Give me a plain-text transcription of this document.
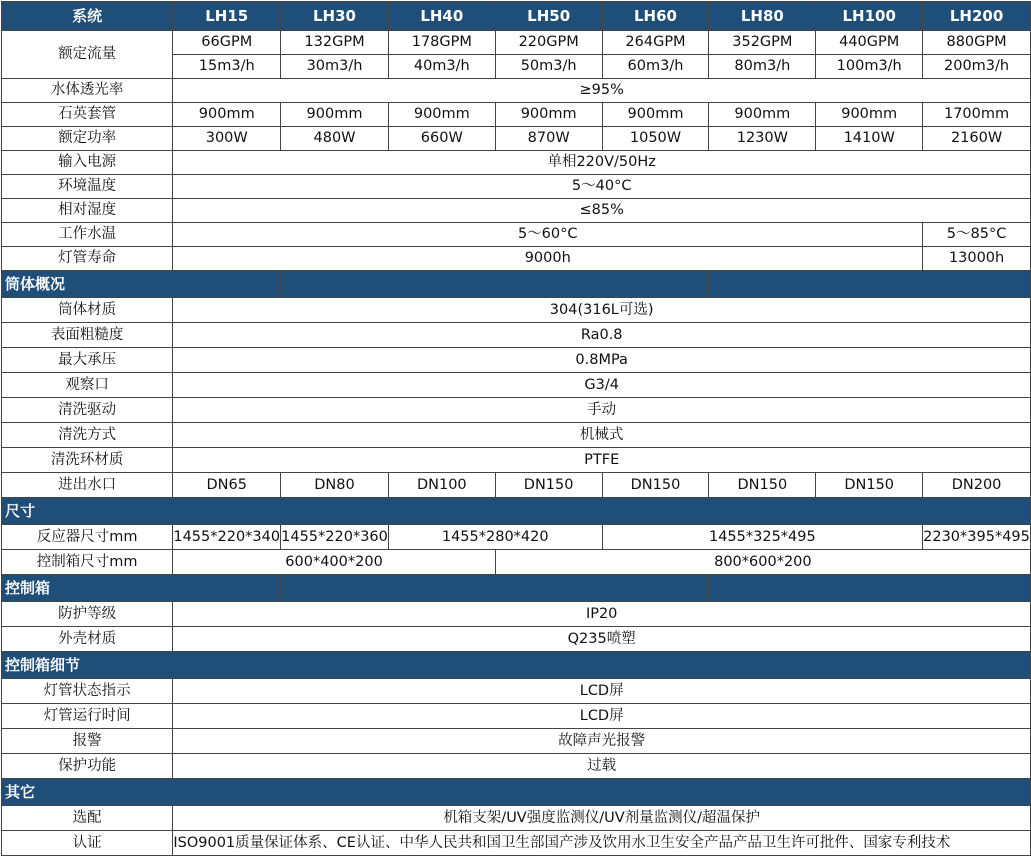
系统	LH15	LH30	LH40	LH50	LH60	LH80	LH100	LH200
额定流量	66GPM	132GPM	178GPM	220GPM	264GPM	352GPM	440GPM	880GPM
	15m3/h	30m3/h	40m3/h	50m3/h	60m3/h	80m3/h	100m3/h	200m3/h
水体透光率	≥95%							
石英套管	900mm	900mm	900mm	900mm	900mm	900mm	900mm	1700mm
额定功率	300W	480W	660W	870W	1050W	1230W	1410W	2160W
输入电源	单相220V/50Hz							
环境温度	5～40°C							
相对湿度	≤85%							
工作水温	5～60°C							5～85°C
灯管寿命	9000h							13000h
筒体概况								
筒体材质	304(316L可选)							
表面粗糙度	Ra0.8							
最大承压	0.8MPa							
观察口	G3/4							
清洗驱动	手动							
清洗方式	机械式							
清洗环材质	PTFE							
进出水口	DN65	DN80	DN100	DN150	DN150	DN150	DN150	DN200
尺寸								
反应器尺寸mm	1455*220*340	1455*220*360	1455*280*420		1455*325*495			2230*395*495
控制箱尺寸mm	600*400*200			800*600*200				
控制箱								
防护等级	IP20							
外壳材质	Q235喷塑							
控制箱细节								
灯管状态指示	LCD屏							
灯管运行时间	LCD屏							
报警	故障声光报警							
保护功能	过载							
其它								
选配	机箱支架/UV强度监测仪/UV剂量监测仪/超温保护							
认证	ISO9001质量保证体系、CE认证、中华人民共和国卫生部国产涉及饮用水卫生安全产品产品卫生许可批件、国家专利技术							
